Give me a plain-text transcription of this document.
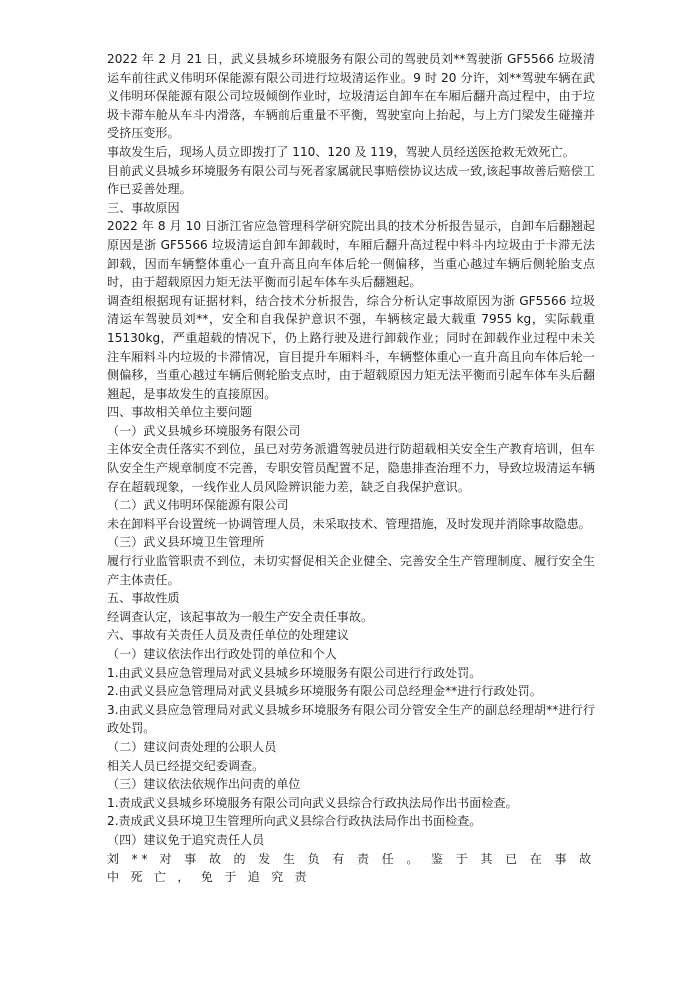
2022 年 2 月 21 日，武义县城乡环境服务有限公司的驾驶员刘**驾驶浙 GF5566 垃圾清运车前往武义伟明环保能源有限公司进行垃圾清运作业。9 时 20 分许，刘**驾驶车辆在武义伟明环保能源有限公司垃圾倾倒作业时，垃圾清运自卸车在车厢后翻升高过程中，由于垃圾卡滞车舱从车斗内滑落，车辆前后重量不平衡，驾驶室向上抬起，与上方门梁发生碰撞并受挤压变形。

事故发生后，现场人员立即拨打了 110、120 及 119，驾驶人员经送医抢救无效死亡。

目前武义县城乡环境服务有限公司与死者家属就民事赔偿协议达成一致,该起事故善后赔偿工作已妥善处理。

三、事故原因

2022 年 8 月 10 日浙江省应急管理科学研究院出具的技术分析报告显示，自卸车后翻翘起原因是浙 GF5566 垃圾清运自卸车卸载时，车厢后翻升高过程中料斗内垃圾由于卡滞无法卸载，因而车辆整体重心一直升高且向车体后轮一侧偏移，当重心越过车辆后侧轮胎支点时，由于超载原因力矩无法平衡而引起车体车头后翻翘起。

调查组根据现有证据材料，结合技术分析报告，综合分析认定事故原因为浙 GF5566 垃圾清运车驾驶员刘**，安全和自我保护意识不强，车辆核定最大载重 7955 kg，实际载重 15130kg，严重超载的情况下，仍上路行驶及进行卸载作业；同时在卸载作业过程中未关注车厢料斗内垃圾的卡滞情况，盲目提升车厢料斗，车辆整体重心一直升高且向车体后轮一侧偏移，当重心越过车辆后侧轮胎支点时，由于超载原因力矩无法平衡而引起车体车头后翻翘起，是事故发生的直接原因。

四、事故相关单位主要问题

（一）武义县城乡环境服务有限公司

主体安全责任落实不到位，虽已对劳务派遣驾驶员进行防超载相关安全生产教育培训，但车队安全生产规章制度不完善，专职安管员配置不足，隐患排查治理不力，导致垃圾清运车辆存在超载现象，一线作业人员风险辨识能力差，缺乏自我保护意识。

（二）武义伟明环保能源有限公司

未在卸料平台设置统一协调管理人员，未采取技术、管理措施，及时发现并消除事故隐患。

（三）武义县环境卫生管理所

履行行业监管职责不到位，未切实督促相关企业健全、完善安全生产管理制度、履行安全生产主体责任。

五、事故性质

经调查认定，该起事故为一般生产安全责任事故。

六、事故有关责任人员及责任单位的处理建议

（一）建议依法作出行政处罚的单位和个人

1.由武义县应急管理局对武义县城乡环境服务有限公司进行行政处罚。

2.由武义县应急管理局对武义县城乡环境服务有限公司总经理金**进行行政处罚。

3.由武义县应急管理局对武义县城乡环境服务有限公司分管安全生产的副总经理胡**进行行政处罚。

（二）建议问责处理的公职人员

相关人员已经提交纪委调查。

（三）建议依法依规作出问责的单位

1.责成武义县城乡环境服务有限公司向武义县综合行政执法局作出书面检查。

2.责成武义县环境卫生管理所向武义县综合行政执法局作出书面检查。

（四）建议免于追究责任人员

刘 ** 对 事 故 的 发 生 负 有 责 任 。 鉴 于 其 已 在 事 故 中 死 亡 ， 免 于 追 究 责
